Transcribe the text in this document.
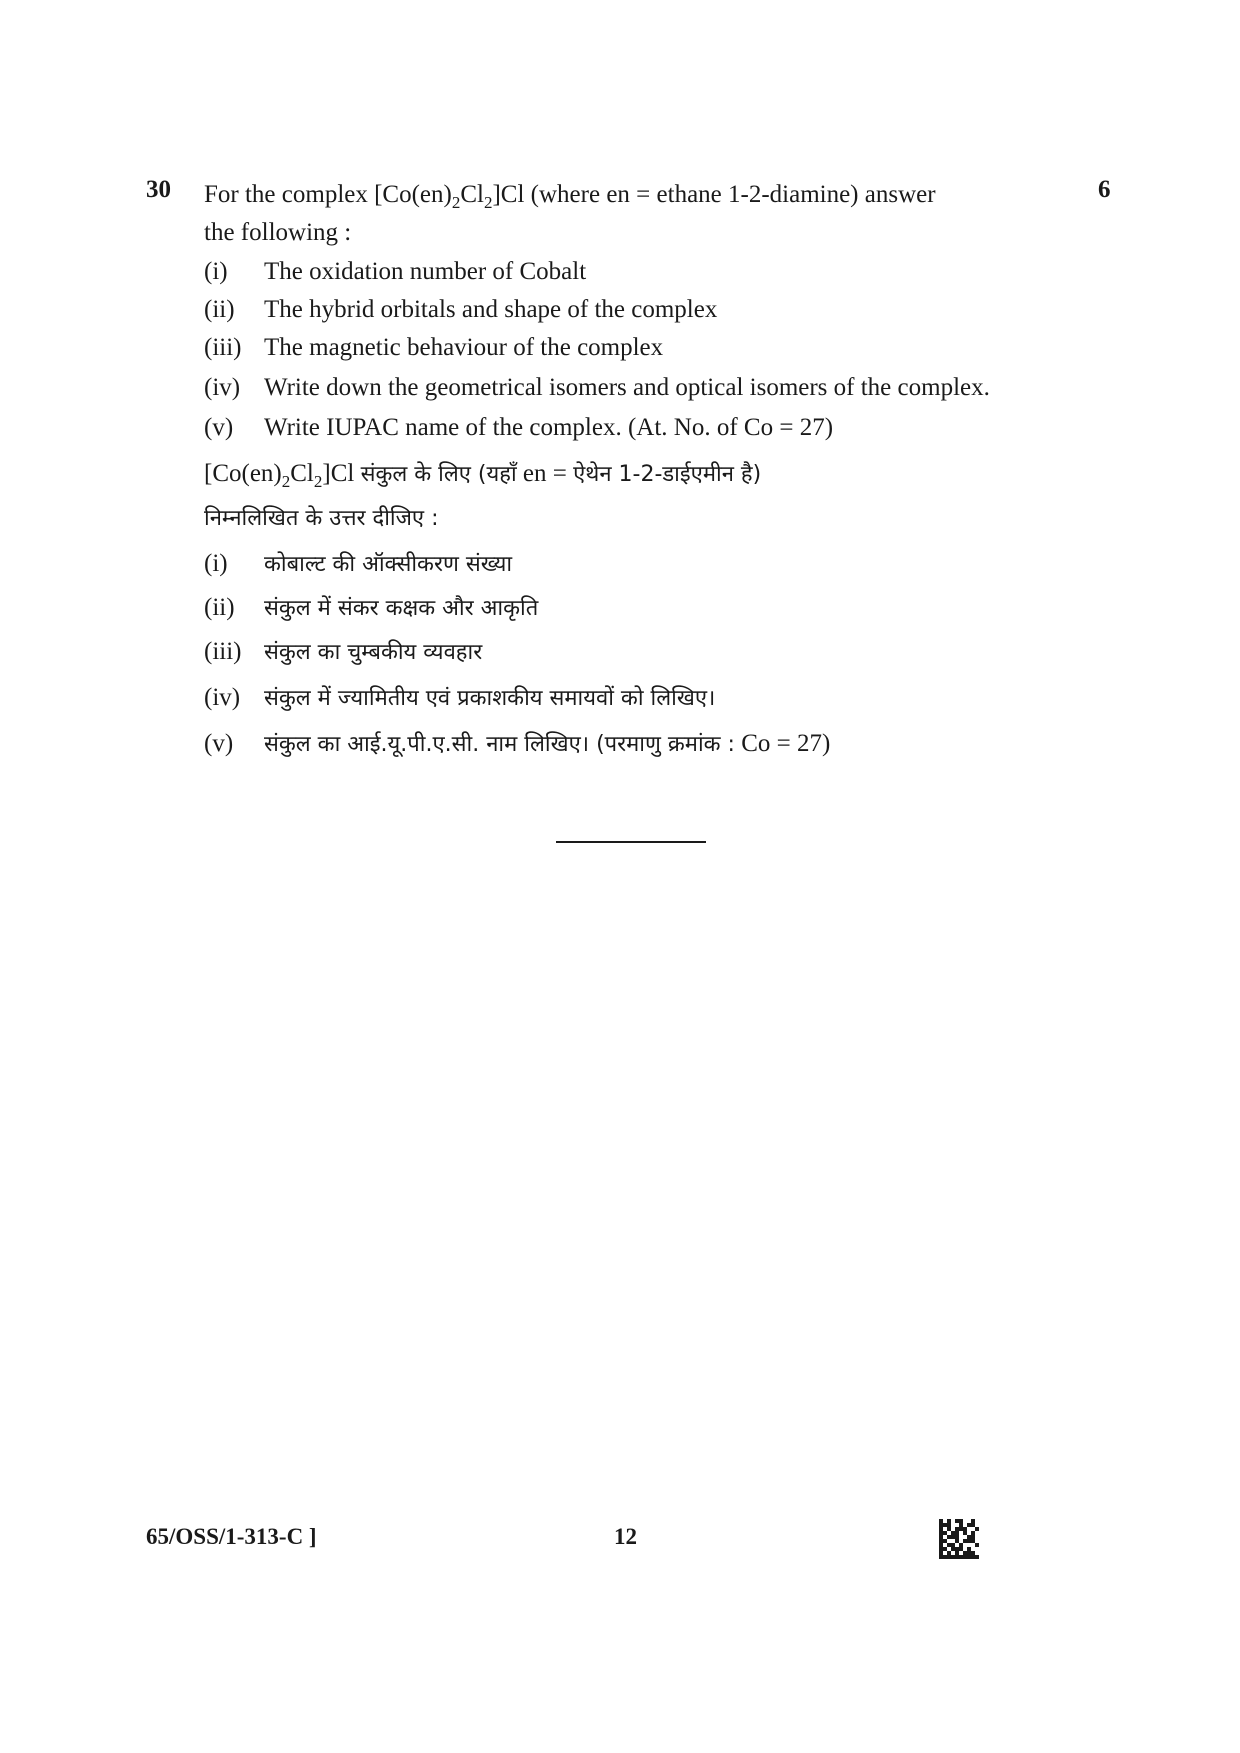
30	6
For the complex $[Co(en)_2Cl_2]Cl$ (where en = ethane 1-2-diamine) answer
the following :
(i) The oxidation number of Cobalt
(ii) The hybrid orbitals and shape of the complex
(iii) The magnetic behaviour of the complex
(iv) Write down the geometrical isomers and optical isomers of the complex.
(v) Write IUPAC name of the complex. (At. No. of Co = 27)
$[Co(en)_2Cl_2]Cl$ संकुल के लिए (यहाँ en = ऐथेन 1-2-डाईएमीन है)
निम्नलिखित के उत्तर दीजिए :
(i) कोबाल्ट की ऑक्सीकरण संख्या
(ii) संकुल में संकर कक्षक और आकृति
(iii) संकुल का चुम्बकीय व्यवहार
(iv) संकुल में ज्यामितीय एवं प्रकाशकीय समायवों को लिखिए।
(v) संकुल का आई.यू.पी.ए.सी. नाम लिखिए। (परमाणु क्रमांक : Co = 27)
65/OSS/1-313-C ]	12
